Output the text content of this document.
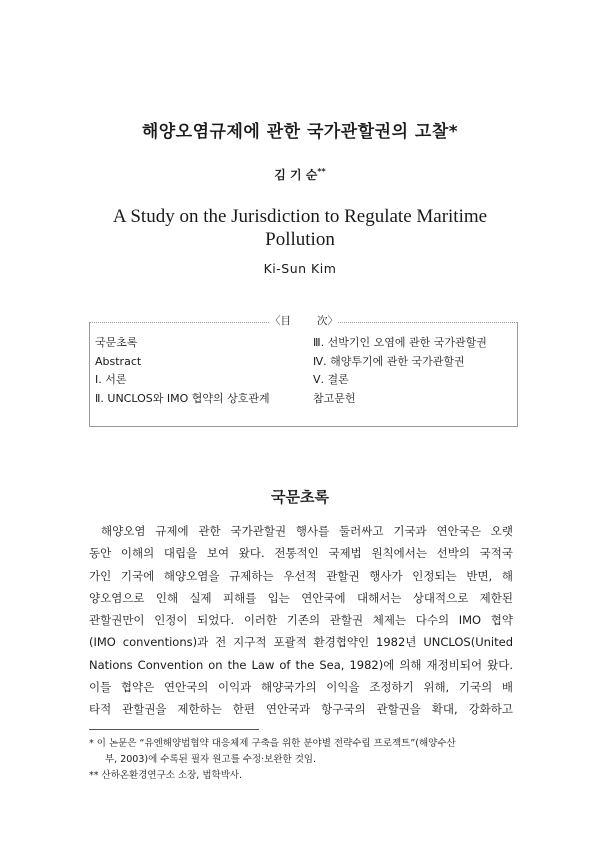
해양오염규제에 관한 국가관할권의 고찰*
김 기 순**
A Study on the Jurisdiction to Regulate Maritime
Pollution
Ki-Sun Kim
〈目 次〉
국문초록
Abstract
Ⅰ. 서론
Ⅱ. UNCLOS와 IMO 협약의 상호관계
Ⅲ. 선박기인 오염에 관한 국가관할권
Ⅳ. 해양투기에 관한 국가관할권
Ⅴ. 결론
참고문헌
국문초록
해양오염 규제에 관한 국가관할권 행사를 둘러싸고 기국과 연안국은 오랫
동안 이해의 대립을 보여 왔다. 전통적인 국제법 원칙에서는 선박의 국적국
가인 기국에 해양오염을 규제하는 우선적 관할권 행사가 인정되는 반면, 해
양오염으로 인해 실제 피해를 입는 연안국에 대해서는 상대적으로 제한된
관할권만이 인정이 되었다. 이러한 기존의 관할권 체제는 다수의 IMO 협약
(IMO conventions)과 전 지구적 포괄적 환경협약인 1982년 UNCLOS(United
Nations Convention on the Law of the Sea, 1982)에 의해 재정비되어 왔다.
이들 협약은 연안국의 이익과 해양국가의 이익을 조정하기 위해, 기국의 배
타적 관할권을 제한하는 한편 연안국과 항구국의 관할권을 확대, 강화하고
* 이 논문은 “유엔해양법협약 대응체제 구축을 위한 분야별 전략수립 프로젝트”(해양수산
부, 2003)에 수록된 필자 원고를 수정·보완한 것임.
** 산하온환경연구소 소장, 법학박사.
